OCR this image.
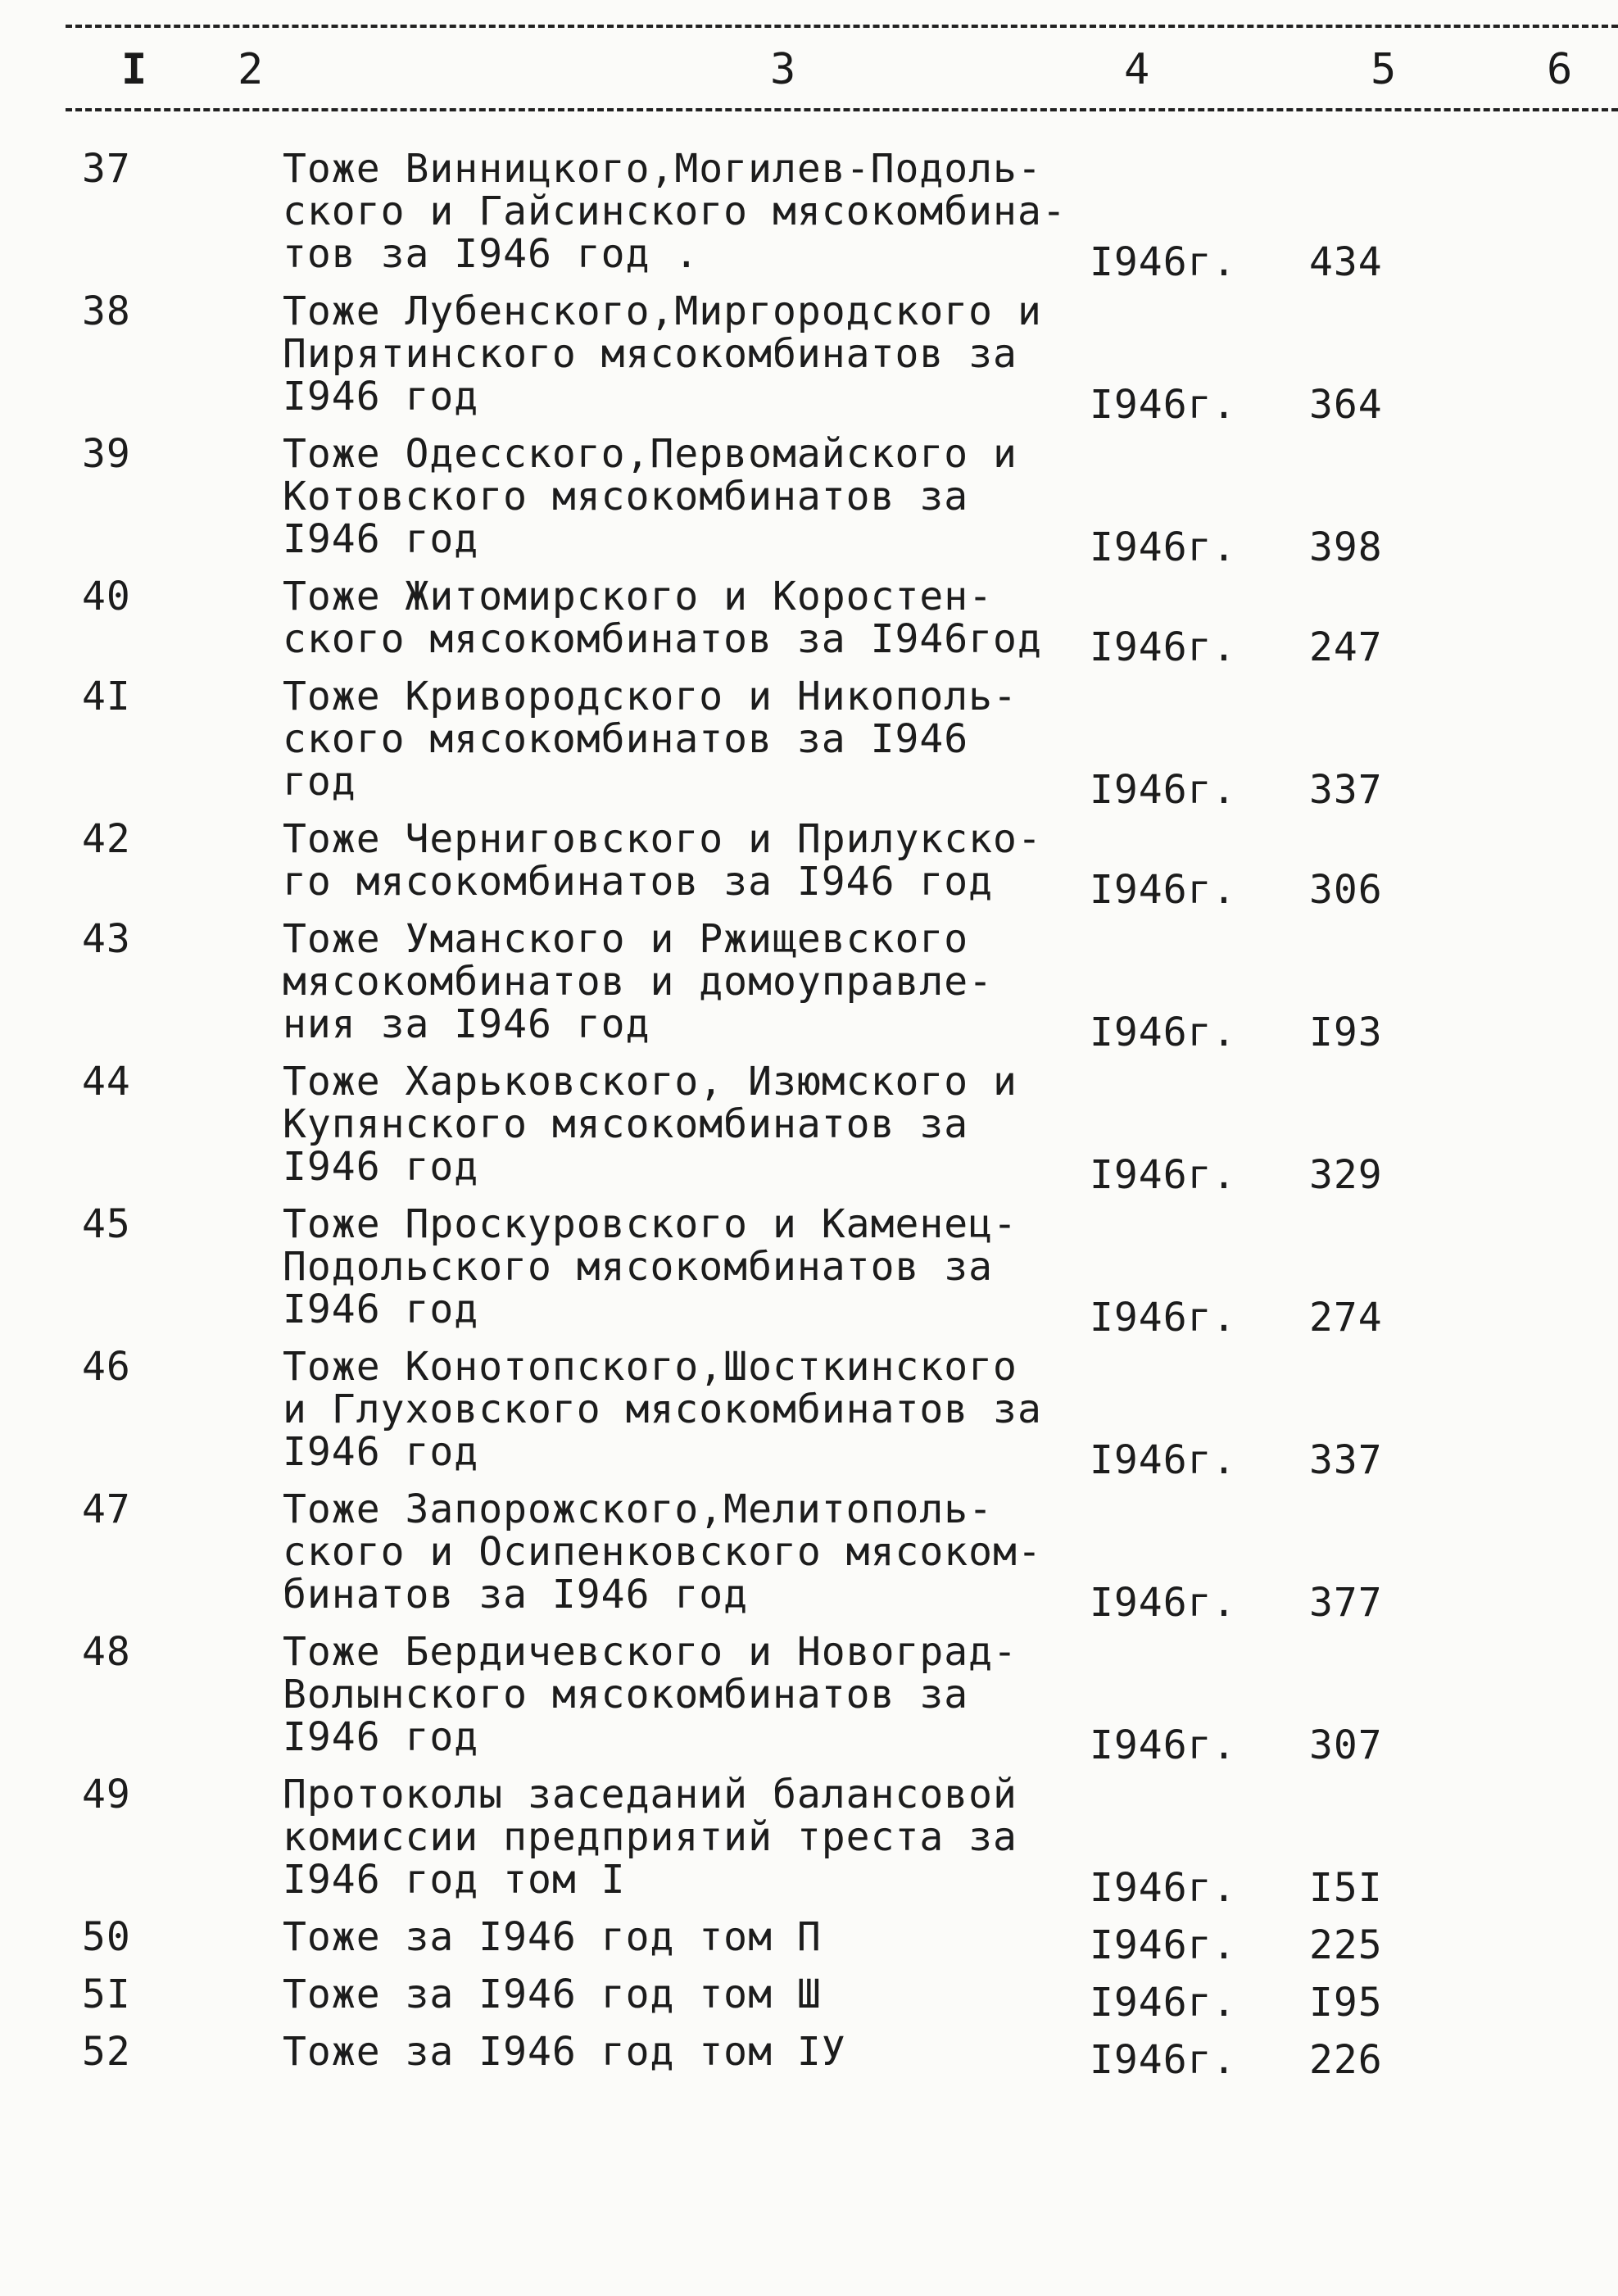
I 2	3	4	5	6
37	Тоже Винницкого,Могилев-Подоль-
ского и Гайсинского мясокомбина-
тов за I946 год .	I946г. 434
38	Тоже Лубенского,Миргородского и
Пирятинского мясокомбинатов за
I946 год	I946г. 364
39	Тоже Одесского,Первомайского и
Котовского мясокомбинатов за
I946 год	I946г. 398
40	Тоже Житомирского и Коростен-
ского мясокомбинатов за I946год	I946г. 247
4I	Тоже Кривородского и Никополь-
ского мясокомбинатов за I946
год	I946г. 337
42	Тоже Черниговского и Прилукско-
го мясокомбинатов за I946 год	I946г. 306
43	Тоже Уманского и Ржищевского
мясокомбинатов и домоуправле-
ния за I946 год	I946г. I93
44	Тоже Харьковского, Изюмского и
Купянского мясокомбинатов за
I946 год	I946г. 329
45	Тоже Проскуровского и Каменец-
Подольского мясокомбинатов за
I946 год	I946г. 274
46	Тоже Конотопского,Шосткинского
и Глуховского мясокомбинатов за
I946 год	I946г. 337
47	Тоже Запорожского,Мелитополь-
ского и Осипенковского мясоком-
бинатов за I946 год	I946г. 377
48	Тоже Бердичевского и Новоград-
Волынского мясокомбинатов за
I946 год	I946г. 307
49	Протоколы заседаний балансовой
комиссии предприятий треста за
I946 год том I	I946г. I5I
50	Тоже за I946 год том П	I946г. 225
5I	Тоже за I946 год том Ш	I946г. I95
52	Тоже за I946 год том IУ	I946г. 226
